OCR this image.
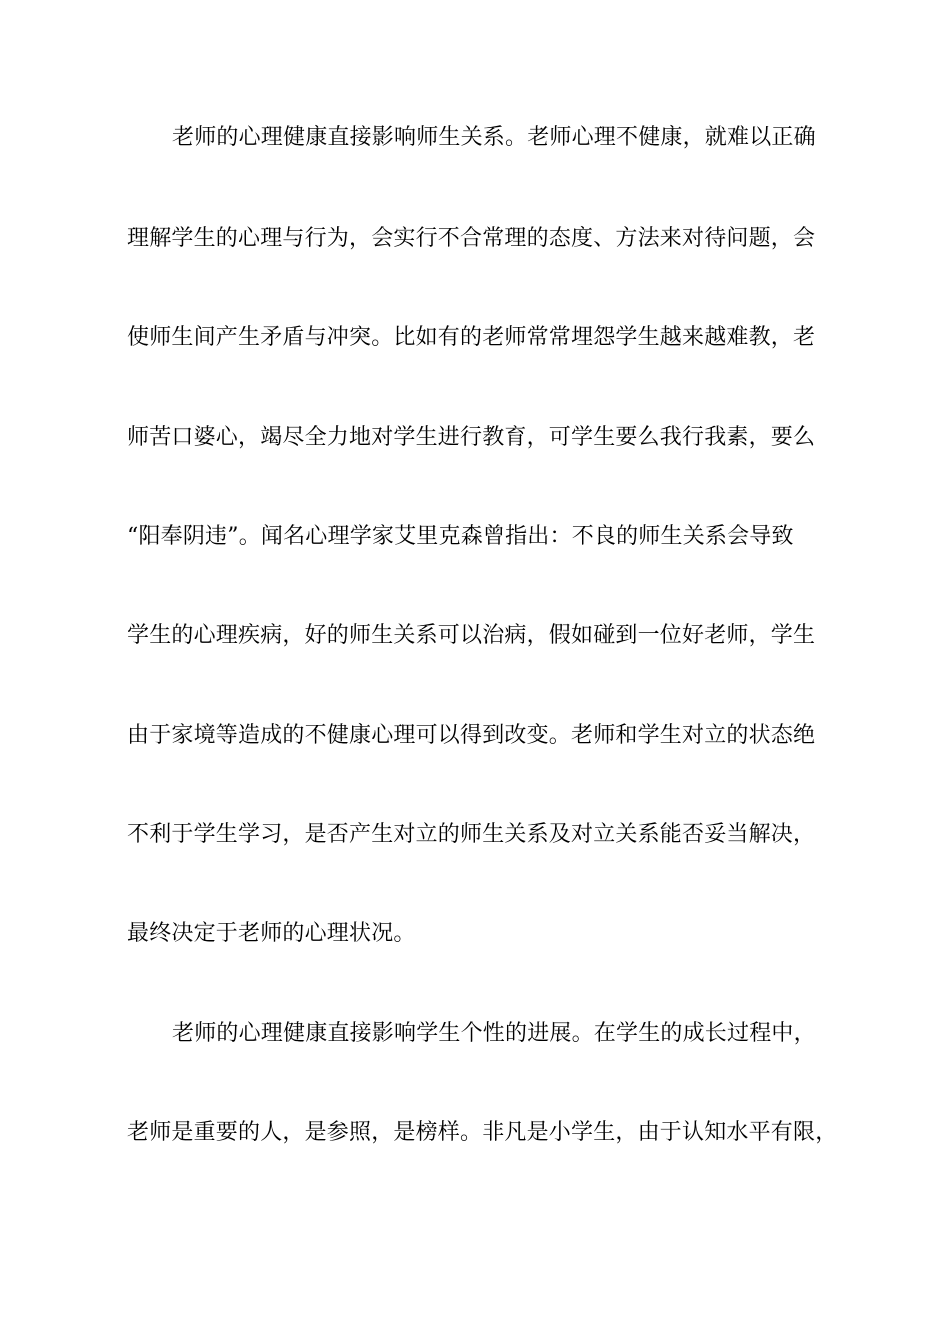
老师的心理健康直接影响师生关系。老师心理不健康，就难以正确
理解学生的心理与行为，会实行不合常理的态度、方法来对待问题，会
使师生间产生矛盾与冲突。比如有的老师常常埋怨学生越来越难教，老
师苦口婆心，竭尽全力地对学生进行教育，可学生要么我行我素，要么
“阳奉阴违”。闻名心理学家艾里克森曾指出：不良的师生关系会导致
学生的心理疾病，好的师生关系可以治病，假如碰到一位好老师，学生
由于家境等造成的不健康心理可以得到改变。老师和学生对立的状态绝
不利于学生学习，是否产生对立的师生关系及对立关系能否妥当解决，
最终决定于老师的心理状况。
老师的心理健康直接影响学生个性的进展。在学生的成长过程中，
老师是重要的人，是参照，是榜样。非凡是小学生，由于认知水平有限，
